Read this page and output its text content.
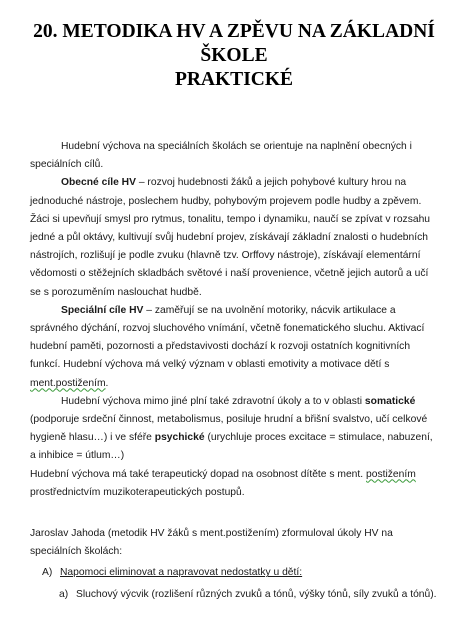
20. METODIKA HV A ZPĚVU NA ZÁKLADNÍ ŠKOLE
PRAKTICKÉ

Hudební výchova na speciálních školách se orientuje na naplnění obecných i speciálních cílů.

Obecné cíle HV – rozvoj hudebnosti žáků a jejich pohybové kultury hrou na jednoduché nástroje, poslechem hudby, pohybovým projevem podle hudby a zpěvem. Žáci si upevňují smysl pro rytmus, tonalitu, tempo i dynamiku, naučí se zpívat v rozsahu jedné a půl oktávy, kultivují svůj hudební projev, získávají základní znalosti o hudebních nástrojích, rozlišují je podle zvuku (hlavně tzv. Orffovy nástroje), získávají elementární vědomosti o stěžejních skladbách světové i naší provenience, včetně jejich autorů a učí se s porozuměním naslouchat hudbě.

Speciální cíle HV – zaměřují se na uvolnění motoriky, nácvik artikulace a správného dýchání, rozvoj sluchového vnímání, včetně fonematického sluchu. Aktivací hudební paměti, pozornosti a představivosti dochází k rozvoji ostatních kognitivních funkcí. Hudební výchova má velký význam v oblasti emotivity a motivace dětí s ment.postižením.

Hudební výchova mimo jiné plní také zdravotní úkoly a to v oblasti somatické (podporuje srdeční činnost, metabolismus, posiluje hrudní a břišní svalstvo, učí celkové hygieně hlasu…) i ve sféře psychické (urychluje proces excitace = stimulace, nabuzení, a inhibice = útlum…)

Hudební výchova má také terapeutický dopad na osobnost dítěte s ment. postižením prostřednictvím muzikoterapeutických postupů.

Jaroslav Jahoda (metodik HV žáků s ment.postižením) zformuloval úkoly HV na speciálních školách:

A) Napomoci eliminovat a napravovat nedostatky u dětí:
a) Sluchový výcvik (rozlišení různých zvuků a tónů, výšky tónů, síly zvuků a tónů).
